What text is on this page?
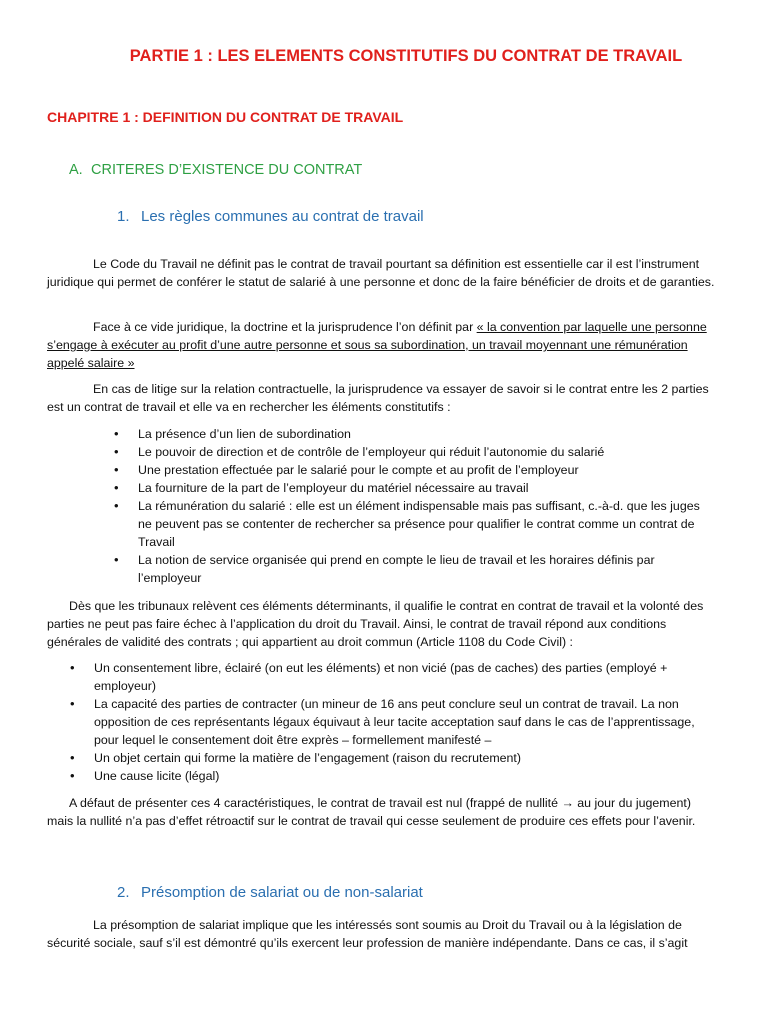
PARTIE 1 : LES ELEMENTS CONSTITUTIFS DU CONTRAT DE TRAVAIL
CHAPITRE 1 : DEFINITION DU CONTRAT DE TRAVAIL
A. CRITERES D’EXISTENCE DU CONTRAT
1. Les règles communes au contrat de travail

Le Code du Travail ne définit pas le contrat de travail pourtant sa définition est essentielle car il est l’instrument juridique qui permet de conférer le statut de salarié à une personne et donc de la faire bénéficier de droits et de garanties.

Face à ce vide juridique, la doctrine et la jurisprudence l’on définit par « la convention par laquelle une personne s’engage à exécuter au profit d’une autre personne et sous sa subordination, un travail moyennant une rémunération appelé salaire »

En cas de litige sur la relation contractuelle, la jurisprudence va essayer de savoir si le contrat entre les 2 parties est un contrat de travail et elle va en rechercher les éléments constitutifs :

• La présence d’un lien de subordination
• Le pouvoir de direction et de contrôle de l’employeur qui réduit l’autonomie du salarié
• Une prestation effectuée par le salarié pour le compte et au profit de l’employeur
• La fourniture de la part de l’employeur du matériel nécessaire au travail
• La rémunération du salarié : elle est un élément indispensable mais pas suffisant, c.-à-d. que les juges ne peuvent pas se contenter de rechercher sa présence pour qualifier le contrat comme un contrat de Travail
• La notion de service organisée qui prend en compte le lieu de travail et les horaires définis par l’employeur

Dès que les tribunaux relèvent ces éléments déterminants, il qualifie le contrat en contrat de travail et la volonté des parties ne peut pas faire échec à l’application du droit du Travail. Ainsi, le contrat de travail répond aux conditions générales de validité des contrats ; qui appartient au droit commun (Article 1108 du Code Civil) :

• Un consentement libre, éclairé (on eut les éléments) et non vicié (pas de caches) des parties (employé + employeur)
• La capacité des parties de contracter (un mineur de 16 ans peut conclure seul un contrat de travail. La non opposition de ces représentants légaux équivaut à leur tacite acceptation sauf dans le cas de l’apprentissage, pour lequel le consentement doit être exprès – formellement manifesté –
• Un objet certain qui forme la matière de l’engagement (raison du recrutement)
• Une cause licite (légal)

A défaut de présenter ces 4 caractéristiques, le contrat de travail est nul (frappé de nullité → au jour du jugement) mais la nullité n’a pas d’effet rétroactif sur le contrat de travail qui cesse seulement de produire ces effets pour l’avenir.

2. Présomption de salariat ou de non-salariat

La présomption de salariat implique que les intéressés sont soumis au Droit du Travail ou à la législation de sécurité sociale, sauf s’il est démontré qu’ils exercent leur profession de manière indépendante. Dans ce cas, il s’agit
